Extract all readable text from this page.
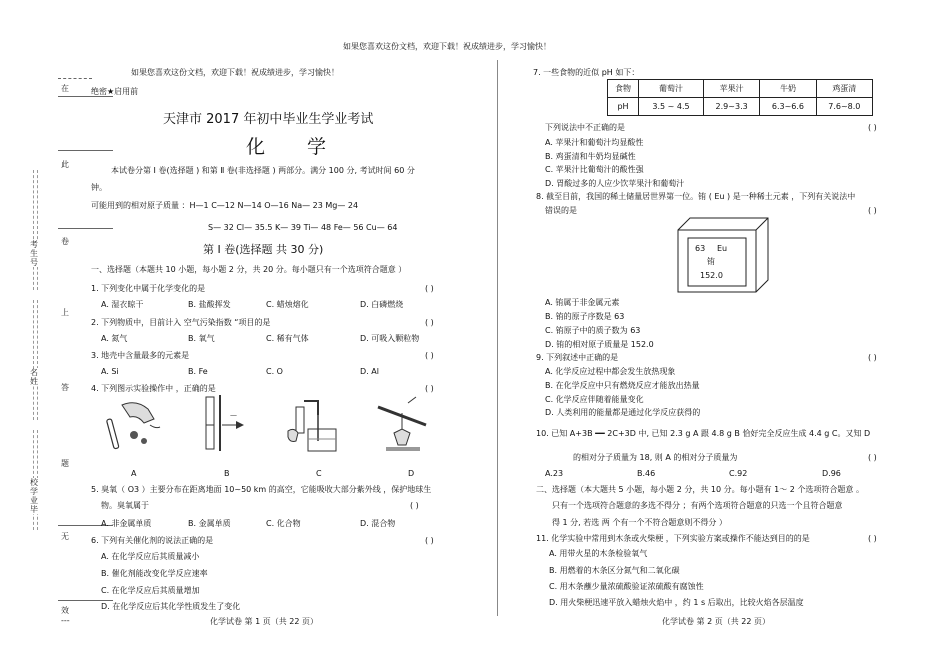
如果您喜欢这份文档，欢迎下载！祝成绩进步，学习愉快！
在
此
卷
上
答
题
无
效
---
考生号
名姓
校学业毕
如果您喜欢这份文档，欢迎下载！祝成绩进步，学习愉快！
绝密★启用前
天津市 2017 年初中毕业生学业考试
化 学
本试卷分第 Ⅰ 卷(选择题 ) 和第 Ⅱ 卷(非选择题 ) 两部分。满分 100 分, 考试时间 60 分
钟。
可能用到的相对原子质量 ：H—1 C—12 N—14 O—16 Na— 23 Mg— 24
S— 32 Cl— 35.5 K— 39 Ti— 48 Fe— 56 Cu— 64
第 Ⅰ 卷(选择题 共 30 分)
一、选择题（本题共 10 小题，每小题 2 分，共 20 分。每小题只有一个选项符合题意 ）
1. 下列变化中属于化学变化的是	( )
A. 湿衣晾干	B. 盐酸挥发	C. 蜡烛熔化	D. 白磷燃烧
2. 下列物质中，目前计入 空气污染指数 “项目的是	( )
A. 氮气	B. 氧气	C. 稀有气体	D. 可吸入颗粒物
3. 地壳中含量最多的元素是	( )
A. Si	B. Fe	C. O	D. Al
4. 下列图示实验操作中 ，正确的是	( )
—
A	B	C	D
5. 臭氧（ O3 ）主要分布在距离地面 10~50 km 的高空，它能吸收大部分紫外线 ，保护地球生
物。臭氧属于	( )
A. 非金属单质	B. 金属单质	C. 化合物	D. 混合物
6. 下列有关催化剂的说法正确的是	( )
A. 在化学反应后其质量减小
B. 催化剂能改变化学反应速率
C. 在化学反应后其质量增加
D. 在化学反应后其化学性质发生了变化
化学试卷 第 1 页（共 22 页）
7. 一些食物的近似 pH 如下：
食物	葡萄汁	苹果汁	牛奶	鸡蛋清
pH	3.5 ~ 4.5	2.9~3.3	6.3~6.6	7.6~8.0
下列说法中不正确的是	( )
A. 苹果汁和葡萄汁均显酸性
B. 鸡蛋清和牛奶均显碱性
C. 苹果汁比葡萄汁的酸性强
D. 胃酸过多的人应少饮苹果汁和葡萄汁
8. 截至目前，我国的稀土储量居世界第一位。铕 ( Eu ) 是一种稀土元素 ，下列有关说法中
错误的是	( )
63 Eu
铕
152.0
A. 铕属于非金属元素
B. 铕的原子序数是 63
C. 铕原子中的质子数为 63
D. 铕的相对原子质量是 152.0
9. 下列叙述中正确的是	( )
A. 化学反应过程中都会发生放热现象
B. 在化学反应中只有燃烧反应才能放出热量
C. 化学反应伴随着能量变化
D. 人类利用的能量都是通过化学反应获得的
10. 已知 A+3B ━━ 2C+3D 中, 已知 2.3 g A 跟 4.8 g B 恰好完全反应生成 4.4 g C。又知 D
的相对分子质量为 18, 则 A 的相对分子质量为	( )
A.23	B.46	C.92	D.96
二、选择题（本大题共 5 小题，每小题 2 分，共 10 分。每小题有 1～ 2 个选项符合题意 。
只有一个选项符合题意的多选不得分 ；有两个选项符合题意的只选一个且符合题意
得 1 分, 若选 两 个有一个不符合题意则不得分 ）
11. 化学实验中常用到木条或火柴梗 ，下列实验方案或操作不能达到目的的是	( )
A. 用带火星的木条检验氧气
B. 用燃着的木条区分氮气和二氧化碳
C. 用木条蘸少量浓硫酸验证浓硫酸有腐蚀性
D. 用火柴梗迅速平放入蜡烛火焰中 ，约 1 s 后取出，比较火焰各层温度
化学试卷 第 2 页（共 22 页）
